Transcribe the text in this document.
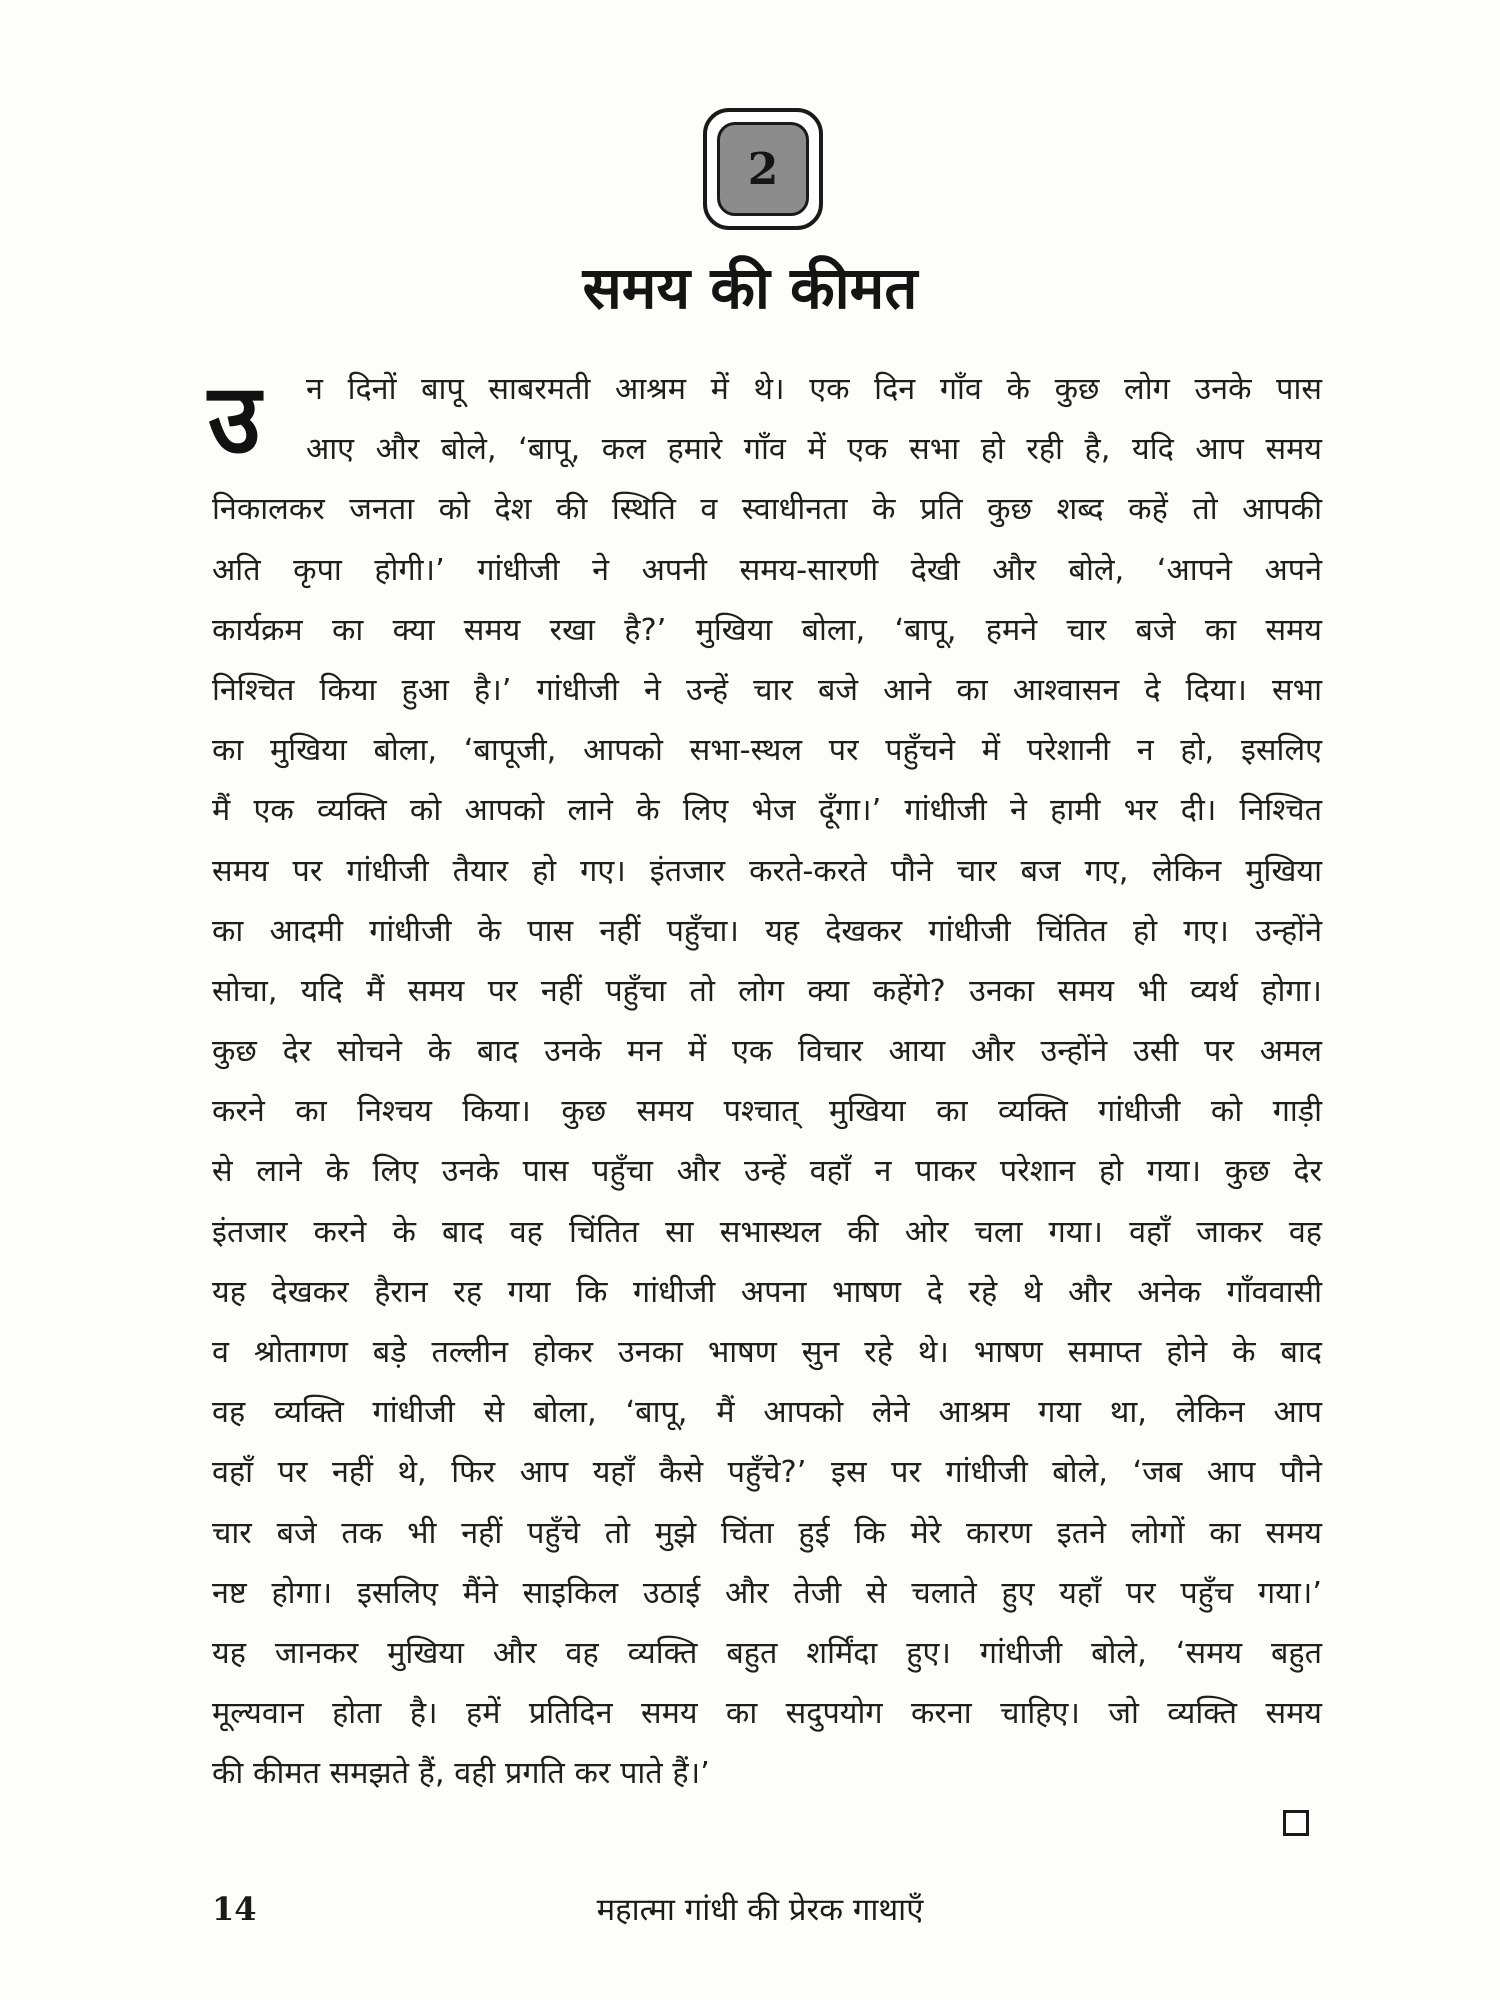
2
समय की कीमत
उ	न दिनों बापू साबरमती आश्रम में थे। एक दिन गाँव के कुछ लोग उनके पास
आए और बोले, ‘बापू, कल हमारे गाँव में एक सभा हो रही है, यदि आप समय
निकालकर जनता को देश की स्थिति व स्वाधीनता के प्रति कुछ शब्द कहें तो आपकी
अति कृपा होगी।’ गांधीजी ने अपनी समय-सारणी देखी और बोले, ‘आपने अपने
कार्यक्रम का क्या समय रखा है?’ मुखिया बोला, ‘बापू, हमने चार बजे का समय
निश्चित किया हुआ है।’ गांधीजी ने उन्हें चार बजे आने का आश्वासन दे दिया। सभा
का मुखिया बोला, ‘बापूजी, आपको सभा-स्थल पर पहुँचने में परेशानी न हो, इसलिए
मैं एक व्यक्ति को आपको लाने के लिए भेज दूँगा।’ गांधीजी ने हामी भर दी। निश्चित
समय पर गांधीजी तैयार हो गए। इंतजार करते-करते पौने चार बज गए, लेकिन मुखिया
का आदमी गांधीजी के पास नहीं पहुँचा। यह देखकर गांधीजी चिंतित हो गए। उन्होंने
सोचा, यदि मैं समय पर नहीं पहुँचा तो लोग क्या कहेंगे? उनका समय भी व्यर्थ होगा।
कुछ देर सोचने के बाद उनके मन में एक विचार आया और उन्होंने उसी पर अमल
करने का निश्चय किया। कुछ समय पश्चात् मुखिया का व्यक्ति गांधीजी को गाड़ी
से लाने के लिए उनके पास पहुँचा और उन्हें वहाँ न पाकर परेशान हो गया। कुछ देर
इंतजार करने के बाद वह चिंतित सा सभास्थल की ओर चला गया। वहाँ जाकर वह
यह देखकर हैरान रह गया कि गांधीजी अपना भाषण दे रहे थे और अनेक गाँववासी
व श्रोतागण बड़े तल्लीन होकर उनका भाषण सुन रहे थे। भाषण समाप्त होने के बाद
वह व्यक्ति गांधीजी से बोला, ‘बापू, मैं आपको लेने आश्रम गया था, लेकिन आप
वहाँ पर नहीं थे, फिर आप यहाँ कैसे पहुँचे?’ इस पर गांधीजी बोले, ‘जब आप पौने
चार बजे तक भी नहीं पहुँचे तो मुझे चिंता हुई कि मेरे कारण इतने लोगों का समय
नष्ट होगा। इसलिए मैंने साइकिल उठाई और तेजी से चलाते हुए यहाँ पर पहुँच गया।’
यह जानकर मुखिया और वह व्यक्ति बहुत शर्मिंदा हुए। गांधीजी बोले, ‘समय बहुत
मूल्यवान होता है। हमें प्रतिदिन समय का सदुपयोग करना चाहिए। जो व्यक्ति समय
की कीमत समझते हैं, वही प्रगति कर पाते हैं।’
14	महात्मा गांधी की प्रेरक गाथाएँ
